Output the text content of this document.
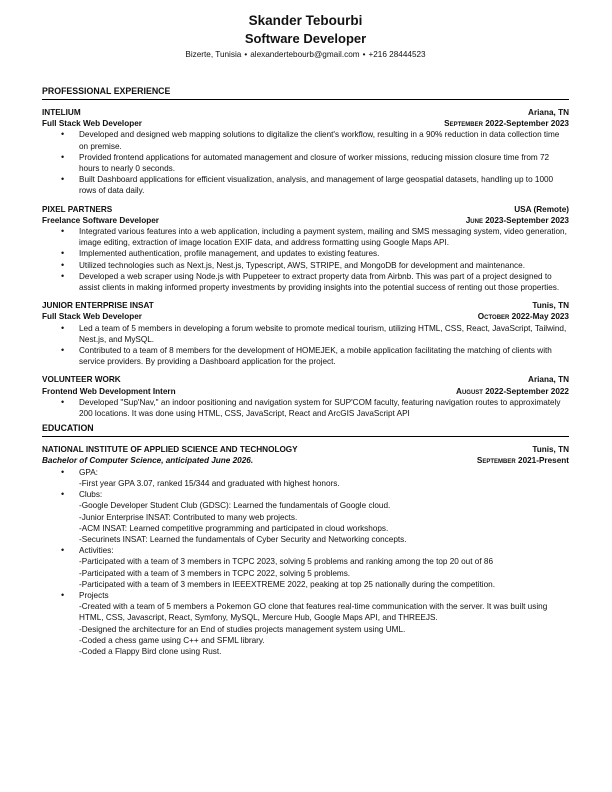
Skander Tebourbi
Software Developer
Bizerte, Tunisia • alexandertebourb@gmail.com • +216 28444523
PROFESSIONAL EXPERIENCE
INTELIUM	Ariana, TN
Full Stack Web Developer	September 2022-September 2023
• Developed and designed web mapping solutions to digitalize the client's workflow, resulting in a 90% reduction in data collection time on premise.
• Provided frontend applications for automated management and closure of worker missions, reducing mission closure time from 72 hours to nearly 0 seconds.
• Built Dashboard applications for efficient visualization, analysis, and management of large geospatial datasets, handling up to 1000 rows of data daily.
PIXEL PARTNERS	USA (Remote)
Freelance Software Developer	June 2023-September 2023
• Integrated various features into a web application, including a payment system, mailing and SMS messaging system, video generation, image editing, extraction of image location EXIF data, and address formatting using Google Maps API.
• Implemented authentication, profile management, and updates to existing features.
• Utilized technologies such as Next.js, Nest.js, Typescript, AWS, STRIPE, and MongoDB for development and maintenance.
• Developed a web scraper using Node.js with Puppeteer to extract property data from Airbnb. This was part of a project designed to assist clients in making informed property investments by providing insights into the potential success of renting out those properties.
JUNIOR ENTERPRISE INSAT	Tunis, TN
Full Stack Web Developer	October 2022-May 2023
• Led a team of 5 members in developing a forum website to promote medical tourism, utilizing HTML, CSS, React, JavaScript, Tailwind, Nest.js, and MySQL.
• Contributed to a team of 8 members for the development of HOMEJEK, a mobile application facilitating the matching of clients with service providers. By providing a Dashboard application for the project.
VOLUNTEER WORK	Ariana, TN
Frontend Web Development Intern	August 2022-September 2022
• Developed "Sup'Nav," an indoor positioning and navigation system for SUP'COM faculty, featuring navigation routes to approximately 200 locations. It was done using HTML, CSS, JavaScript, React and ArcGIS JavaScript API
EDUCATION
NATIONAL INSTITUTE OF APPLIED SCIENCE AND TECHNOLOGY	Tunis, TN
Bachelor of Computer Science, anticipated June 2026.	September 2021-Present
• GPA:
-First year GPA 3.07, ranked 15/344 and graduated with highest honors.
• Clubs:
-Google Developer Student Club (GDSC): Learned the fundamentals of Google cloud.
-Junior Enterprise INSAT: Contributed to many web projects.
-ACM INSAT: Learned competitive programming and participated in cloud workshops.
-Securinets INSAT: Learned the fundamentals of Cyber Security and Networking concepts.
• Activities:
-Participated with a team of 3 members in TCPC 2023, solving 5 problems and ranking among the top 20 out of 86
-Participated with a team of 3 members in TCPC 2022, solving 5 problems.
-Participated with a team of 3 members in IEEEXTREME 2022, peaking at top 25 nationally during the competition.
• Projects
-Created with a team of 5 members a Pokemon GO clone that features real-time communication with the server. It was built using HTML, CSS, Javascript, React, Symfony, MySQL, Mercure Hub, Google Maps API, and THREEJS.
-Designed the architecture for an End of studies projects management system using UML.
-Coded a chess game using C++ and SFML library.
-Coded a Flappy Bird clone using Rust.
